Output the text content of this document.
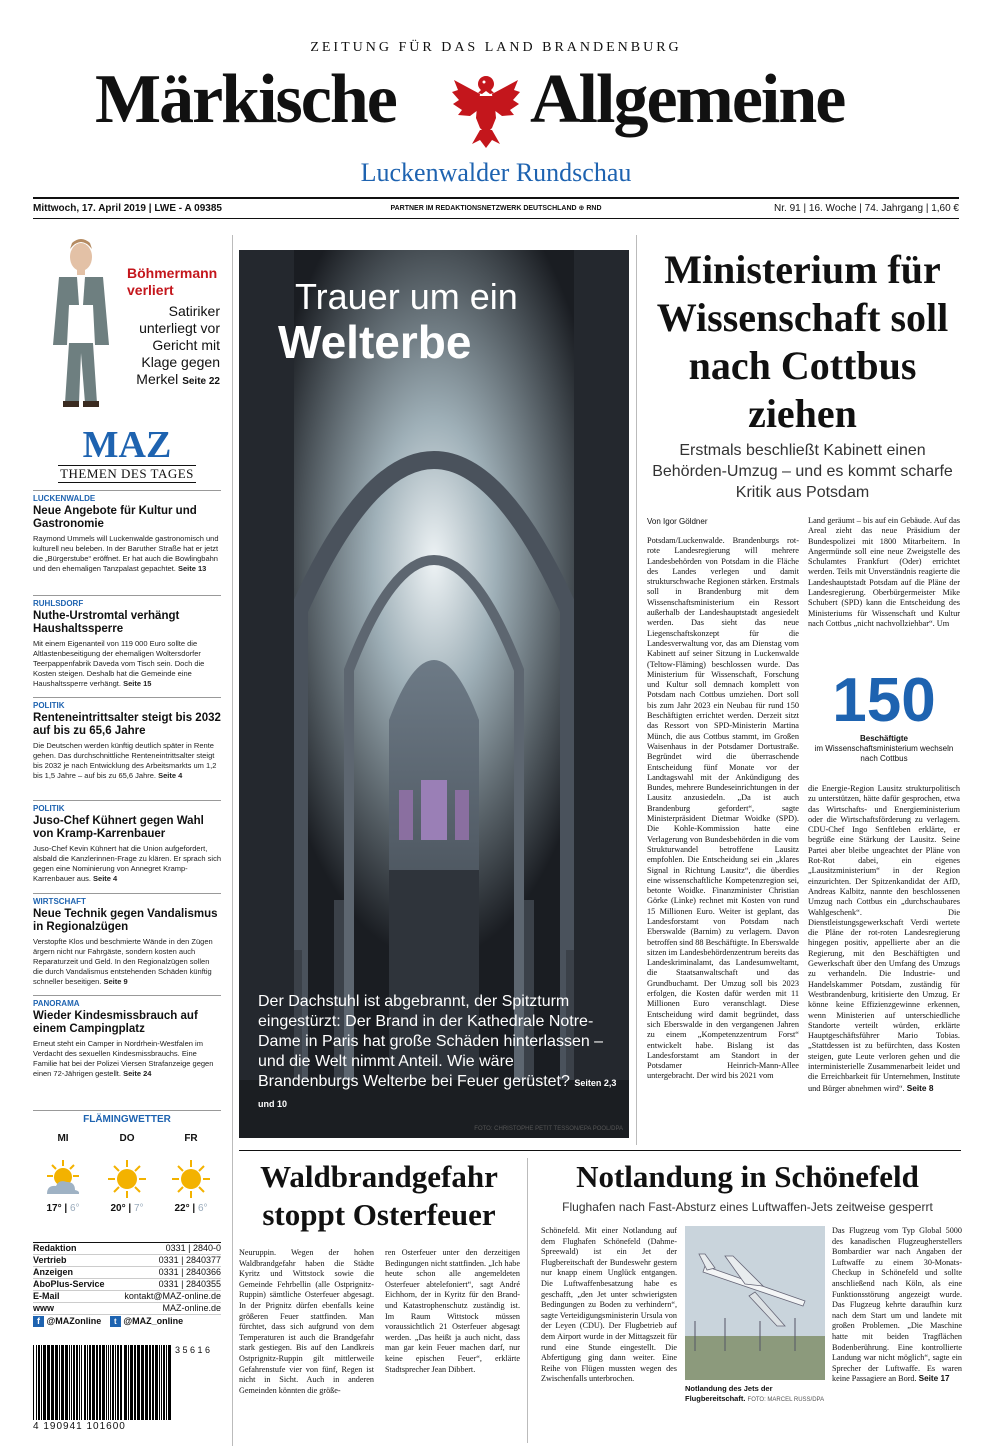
ZEITUNG FÜR DAS LAND BRANDENBURG
Märkische Allgemeine
Luckenwalder Rundschau
Mittwoch, 17. April 2019 | LWE - A 09385	PARTNER IM REDAKTIONSNETZWERK DEUTSCHLAND ⊕ RND	Nr. 91 | 16. Woche | 74. Jahrgang | 1,60 €
Böhmermann verliert
Satiriker unterliegt vor Gericht mit Klage gegen Merkel Seite 22
MAZ
THEMEN DES TAGES
LUCKENWALDE
Neue Angebote für Kultur und Gastronomie
Raymond Ummels will Luckenwalde gastronomisch und kulturell neu beleben. In der Baruther Straße hat er jetzt die „Bürgerstube“ eröffnet. Er hat auch die Bowlingbahn und den ehemaligen Tanzpalast gepachtet. Seite 13
RUHLSDORF
Nuthe-Urstromtal verhängt Haushaltssperre
Mit einem Eigenanteil von 119 000 Euro sollte die Altlastenbeseitigung der ehemaligen Woltersdorfer Teerpappenfabrik Daveda vom Tisch sein. Doch die Kosten steigen. Deshalb hat die Gemeinde eine Haushaltssperre verhängt. Seite 15
POLITIK
Renteneintrittsalter steigt bis 2032 auf bis zu 65,6 Jahre
Die Deutschen werden künftig deutlich später in Rente gehen. Das durchschnittliche Renteneintrittsalter steigt bis 2032 je nach Entwicklung des Arbeitsmarkts um 1,2 bis 1,5 Jahre – auf bis zu 65,6 Jahre. Seite 4
POLITIK
Juso-Chef Kühnert gegen Wahl von Kramp-Karrenbauer
Juso-Chef Kevin Kühnert hat die Union aufgefordert, alsbald die Kanzlerinnen-Frage zu klären. Er sprach sich gegen eine Nominierung von Annegret Kramp-Karrenbauer aus. Seite 4
WIRTSCHAFT
Neue Technik gegen Vandalismus in Regionalzügen
Verstopfte Klos und beschmierte Wände in den Zügen ärgern nicht nur Fahrgäste, sondern kosten auch Reparaturzeit und Geld. In den Regionalzügen sollen die durch Vandalismus entstehenden Schäden künftig schneller beseitigen. Seite 9
PANORAMA
Wieder Kindesmissbrauch auf einem Campingplatz
Erneut steht ein Camper in Nordrhein-Westfalen im Verdacht des sexuellen Kindesmissbrauchs. Eine Familie hat bei der Polizei Viersen Strafanzeige gegen einen 72-Jährigen gestellt. Seite 24
FLÄMINGWETTER
MI	DO	FR
17° | 6°	20° | 7°	22° | 6°
Redaktion	0331 | 2840-0
Vertrieb	0331 | 2840377
Anzeigen	0331 | 2840366
AboPlus-Service	0331 | 2840355
E-Mail	kontakt@MAZ-online.de
www	MAZ-online.de
f @MAZonline t @MAZ_online
3 5 6 1 6
4 190941 101600
Trauer um ein
Welterbe
Der Dachstuhl ist abgebrannt, der Spitzturm eingestürzt: Der Brand in der Kathedrale Notre-Dame in Paris hat große Schäden hinterlassen – und die Welt nimmt Anteil. Wie wäre Brandenburgs Welterbe bei Feuer gerüstet? Seiten 2,3 und 10
FOTO: CHRISTOPHE PETIT TESSON/EPA POOL/DPA
Ministerium für Wissenschaft soll nach Cottbus ziehen
Erstmals beschließt Kabinett einen Behörden-Umzug – und es kommt scharfe Kritik aus Potsdam
Von Igor Göldner
Potsdam/Luckenwalde. Brandenburgs rot-rote Landesregierung will mehrere Landesbehörden von Potsdam in die Fläche des Landes verlegen und damit strukturschwache Regionen stärken. Erstmals soll in Brandenburg mit dem Wissenschaftsministerium ein Ressort außerhalb der Landeshauptstadt angesiedelt werden. Das sieht das neue Liegenschaftskonzept für die Landesverwaltung vor, das am Dienstag vom Kabinett auf seiner Sitzung in Luckenwalde (Teltow-Fläming) beschlossen wurde. Das Ministerium für Wissenschaft, Forschung und Kultur soll demnach komplett von Potsdam nach Cottbus umziehen. Dort soll bis zum Jahr 2023 ein Neubau für rund 150 Beschäftigten errichtet werden. Derzeit sitzt das Ressort von SPD-Ministerin Martina Münch, die aus Cottbus stammt, im Großen Waisenhaus in der Potsdamer Dortustraße. Begründet wird die überraschende Entscheidung fünf Monate vor der Landtagswahl mit der Ankündigung des Bundes, mehrere Bundeseinrichtungen in der Lausitz anzusiedeln. „Da ist auch Brandenburg gefordert“, sagte Ministerpräsident Dietmar Woidke (SPD). Die Kohle-Kommission hatte eine Verlagerung von Bundesbehörden in die vom Strukturwandel betroffene Lausitz empfohlen. Die Entscheidung sei ein „klares Signal in Richtung Lausitz“, die überdies eine wissenschaftliche Kompetenzregion sei, betonte Woidke. Finanzminister Christian Görke (Linke) rechnet mit Kosten von rund 15 Millionen Euro. Weiter ist geplant, das Landesforstamt von Potsdam nach Eberswalde (Barnim) zu verlagern. Davon betroffen sind 88 Beschäftigte. In Eberswalde sitzen im Landesbehördenzentrum bereits das Landeskriminalamt, das Landesumweltamt, die Staatsanwaltschaft und das Grundbuchamt. Der Umzug soll bis 2023 erfolgen, die Kosten dafür werden mit 11 Millionen Euro veranschlagt. Diese Entscheidung wird damit begründet, dass sich Eberswalde in den vergangenen Jahren zu einem „Kompetenzzentrum Forst“ entwickelt habe. Bislang ist das Landesforstamt am Standort in der Potsdamer Heinrich-Mann-Allee untergebracht. Der wird bis 2021 vom
Land geräumt – bis auf ein Gebäude. Auf das Areal zieht das neue Präsidium der Bundespolizei mit 1800 Mitarbeitern. In Angermünde soll eine neue Zweigstelle des Schulamtes Frankfurt (Oder) errichtet werden. Teils mit Unverständnis reagierte die Landeshauptstadt Potsdam auf die Pläne der Landesregierung. Oberbürgermeister Mike Schubert (SPD) kann die Entscheidung des Ministeriums für Wissenschaft und Kultur nach Cottbus „nicht nachvollziehbar“. Um
150
Beschäftigte
im Wissenschaftsministerium wechseln nach Cottbus
die Energie-Region Lausitz strukturpolitisch zu unterstützen, hätte dafür gesprochen, etwa das Wirtschafts- und Energieministerium oder die Wirtschaftsförderung zu verlagern. CDU-Chef Ingo Senftleben erklärte, er begrüße eine Stärkung der Lausitz. Seine Partei aber bleibe ungeachtet der Pläne von Rot-Rot dabei, ein eigenes „Lausitzministerium“ in der Region einzurichten. Der Spitzenkandidat der AfD, Andreas Kalbitz, nannte den beschlossenen Umzug nach Cottbus ein „durchschaubares Wahlgeschenk“. Die Dienstleistungsgewerkschaft Verdi wertete die Pläne der rot-roten Landesregierung hingegen positiv, appellierte aber an die Regierung, mit den Beschäftigten und Gewerkschaft über den Umfang des Umzugs zu verhandeln. Die Industrie- und Handelskammer Potsdam, zuständig für Westbrandenburg, kritisierte den Umzug. Er könne keine Effizienzgewinne erkennen, wenn Ministerien auf unterschiedliche Standorte verteilt würden, erklärte Hauptgeschäftsführer Mario Tobias. „Stattdessen ist zu befürchten, dass Kosten steigen, gute Leute verloren gehen und die interministerielle Zusammenarbeit leidet und die Erreichbarkeit für Unternehmen, Institute und Bürger abnehmen wird“. Seite 8
Waldbrandgefahr stoppt Osterfeuer
Neuruppin. Wegen der hohen Waldbrandgefahr haben die Städte Kyritz und Wittstock sowie die Gemeinde Fehrbellin (alle Ostprignitz-Ruppin) sämtliche Osterfeuer abgesagt. In der Prignitz dürfen ebenfalls keine größeren Feuer stattfinden. Man fürchtet, dass sich aufgrund von dem Temperaturen ist auch die Brandgefahr stark gestiegen. Bis auf den Landkreis Ostprignitz-Ruppin gilt mittlerweile Gefahrenstufe vier von fünf, Regen ist nicht in Sicht. Auch in anderen Gemeinden könnten die größe-
ren Osterfeuer unter den derzeitigen Bedingungen nicht stattfinden. „Ich habe heute schon alle angemeldeten Osterfeuer abtelefoniert“, sagt André Eichhorn, der in Kyritz für den Brand- und Katastrophenschutz zuständig ist. Im Raum Wittstock müssen voraussichtlich 21 Osterfeuer abgesagt werden. „Das heißt ja auch nicht, dass man gar kein Feuer machen darf, nur keine epischen Feuer“, erklärte Stadtsprecher Jean Dibbert.
Notlandung in Schönefeld
Flughafen nach Fast-Absturz eines Luftwaffen-Jets zeitweise gesperrt
Schönefeld. Mit einer Notlandung auf dem Flughafen Schönefeld (Dahme-Spreewald) ist ein Jet der Flugbereitschaft der Bundeswehr gestern nur knapp einem Unglück entgangen. Die Luftwaffenbesatzung habe es geschafft, „den Jet unter schwierigsten Bedingungen zu Boden zu verhindern“, sagte Verteidigungsministerin Ursula von der Leyen (CDU). Der Flugbetrieb auf dem Airport wurde in der Mittagszeit für rund eine Stunde eingestellt. Die Abfertigung ging dann weiter. Eine Reihe von Flügen mussten wegen des Zwischenfalls unterbrochen.
Notlandung des Jets der Flugbereitschaft. FOTO: MARCEL RUSS/DPA
Das Flugzeug vom Typ Global 5000 des kanadischen Flugzeugherstellers Bombardier war nach Angaben der Luftwaffe zu einem 30-Monats-Checkup in Schönefeld und sollte anschließend nach Köln, als eine Funktionsstörung angezeigt wurde. Das Flugzeug kehrte daraufhin kurz nach dem Start um und landete mit großen Problemen. „Die Maschine hatte mit beiden Tragflächen Bodenberührung. Eine kontrollierte Landung war nicht möglich“, sagte ein Sprecher der Luftwaffe. Es waren keine Passagiere an Bord. Seite 17
